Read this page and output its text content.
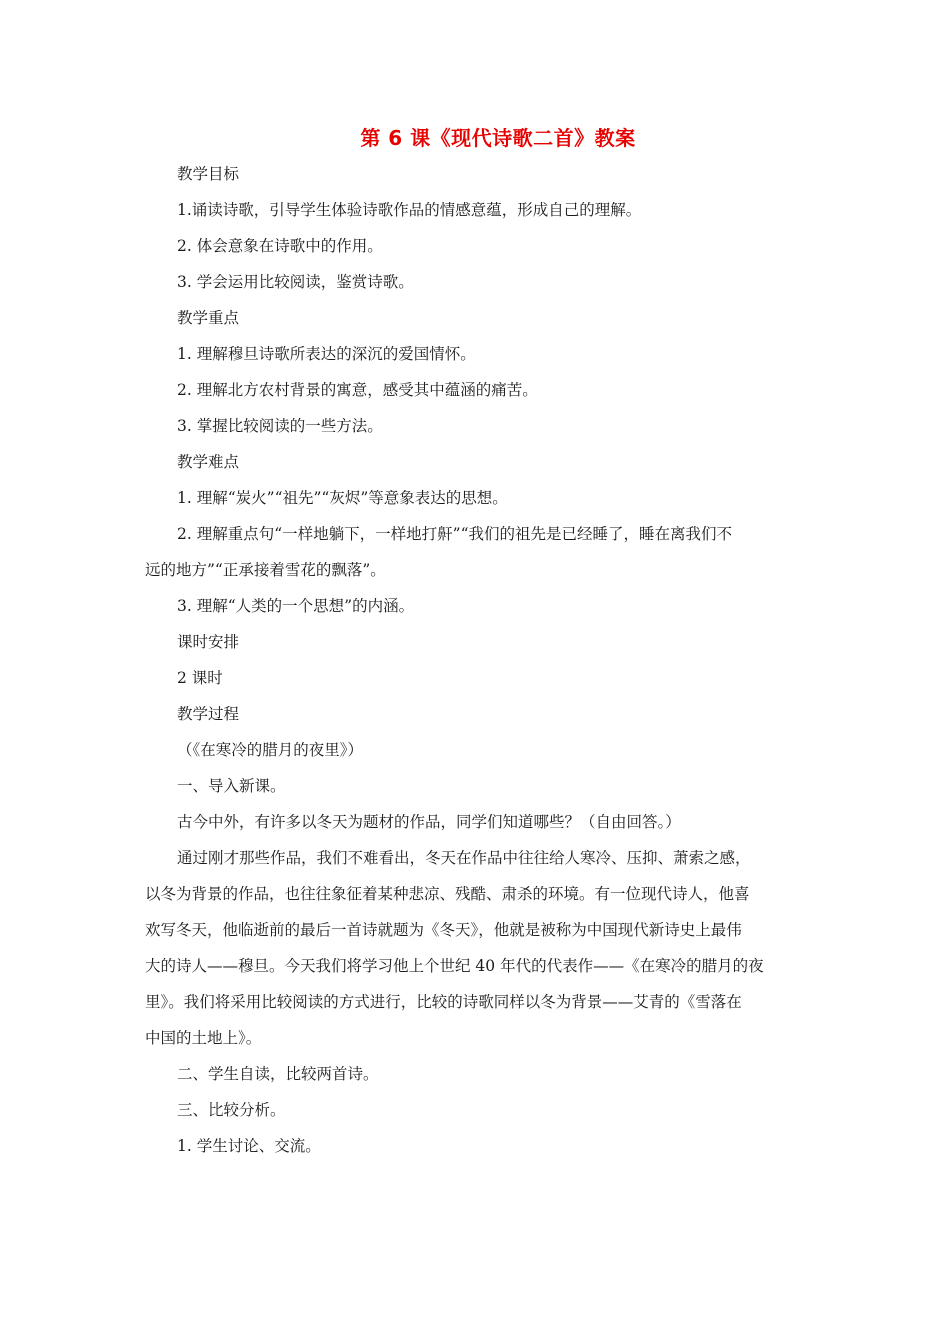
第 6 课《现代诗歌二首》教案
教学目标
1.诵读诗歌，引导学生体验诗歌作品的情感意蕴，形成自己的理解。
2. 体会意象在诗歌中的作用。
3. 学会运用比较阅读，鉴赏诗歌。
教学重点
1. 理解穆旦诗歌所表达的深沉的爱国情怀。
2. 理解北方农村背景的寓意，感受其中蕴涵的痛苦。
3. 掌握比较阅读的一些方法。
教学难点
1. 理解“炭火”“祖先”“灰烬”等意象表达的思想。
2. 理解重点句“一样地躺下，一样地打鼾”“我们的祖先是已经睡了，睡在离我们不
远的地方”“正承接着雪花的飘落”。
3. 理解“人类的一个思想”的内涵。
课时安排
2 课时
教学过程
（《在寒冷的腊月的夜里》）
一、导入新课。
古今中外，有许多以冬天为题材的作品，同学们知道哪些？（自由回答。）
通过刚才那些作品，我们不难看出，冬天在作品中往往给人寒冷、压抑、萧索之感，
以冬为背景的作品，也往往象征着某种悲凉、残酷、肃杀的环境。有一位现代诗人，他喜
欢写冬天，他临逝前的最后一首诗就题为《冬天》，他就是被称为中国现代新诗史上最伟
大的诗人——穆旦。今天我们将学习他上个世纪 40 年代的代表作——《在寒冷的腊月的夜
里》。我们将采用比较阅读的方式进行，比较的诗歌同样以冬为背景——艾青的《雪落在
中国的土地上》。
二、学生自读，比较两首诗。
三、比较分析。
1. 学生讨论、交流。
